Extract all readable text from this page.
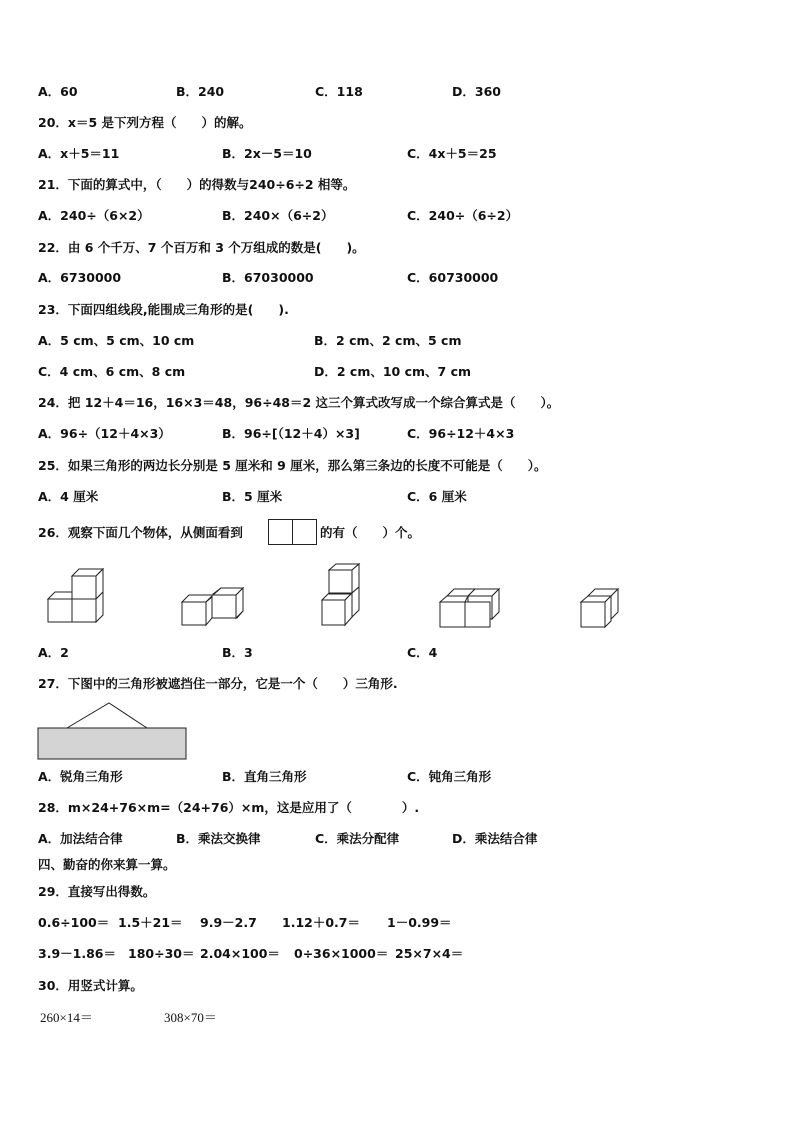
A．60	B．240	C．118	D．360
20．x＝5 是下列方程（　　）的解。
A．x＋5＝11	B．2x－5＝10	C．4x＋5＝25
21．下面的算式中，（　　）的得数与240÷6÷2 相等。
A．240÷（6×2）	B．240×（6÷2）	C．240÷（6÷2）
22．由 6 个千万、7 个百万和 3 个万组成的数是(　　)。
A．6730000	B．67030000	C．60730000
23．下面四组线段,能围成三角形的是(　　).
A．5 cm、5 cm、10 cm	B．2 cm、2 cm、5 cm
C．4 cm、6 cm、8 cm	D．2 cm、10 cm、7 cm
24．把 12＋4＝16，16×3＝48，96÷48＝2 这三个算式改写成一个综合算式是（　　）。
A．96÷（12＋4×3）	B．96÷[（12＋4）×3]	C．96÷12＋4×3
25．如果三角形的两边长分别是 5 厘米和 9 厘米，那么第三条边的长度不可能是（　　）。
A．4 厘米	B．5 厘米	C．6 厘米
26．观察下面几个物体，从侧面看到	的有（　　）个。
A．2	B．3	C．4
27．下图中的三角形被遮挡住一部分，它是一个（　　）三角形.
A．锐角三角形	B．直角三角形	C．钝角三角形
28．m×24+76×m=（24+76）×m，这是应用了（　　　　）.
A．加法结合律	B．乘法交换律	C．乘法分配律	D．乘法结合律
四、勤奋的你来算一算。
29．直接写出得数。
0.6÷100＝ 1.5＋21＝ 9.9－2.7 1.12＋0.7＝ 1－0.99＝
3.9－1.86＝ 180÷30＝ 2.04×100＝ 0÷36×1000＝ 25×7×4＝
30．用竖式计算。
260×14＝	308×70＝
